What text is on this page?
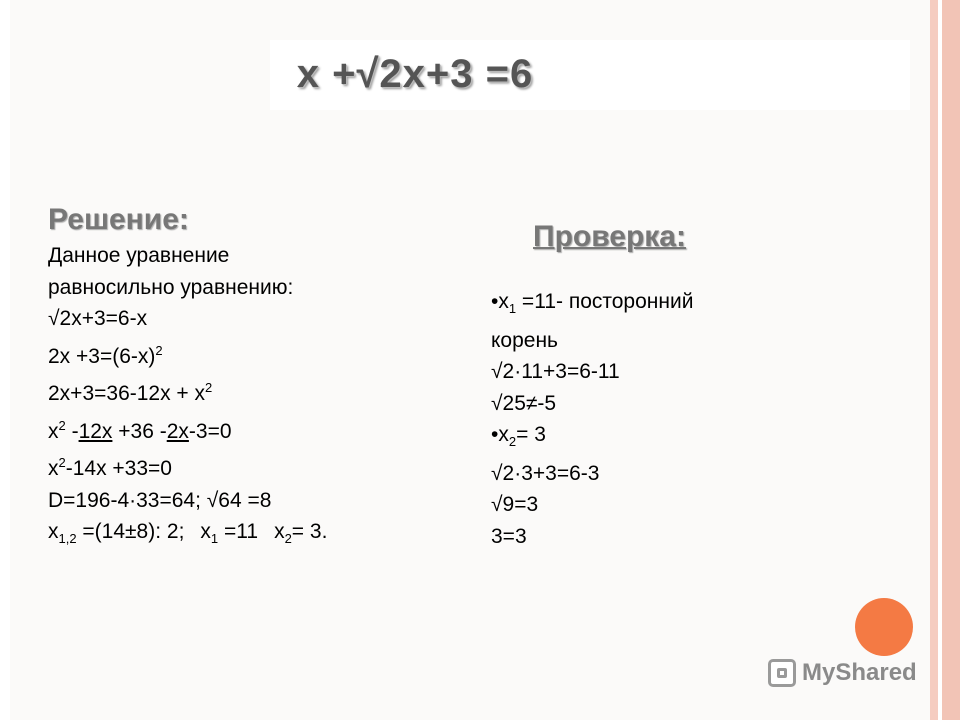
x +√2x+3 =6
Решение:
Проверка:
Данное уравнение
равносильно уравнению:
√2x+3=6-x
$2x +3=(6-x)^2$
$2x+3=36-12x + x^2$
$x^2$ -12x +36 -2x-3=0
$x^2-14x +33=0$
D=196-4·33=64; √64 =8
$x_{1,2} =(14\pm 8)$: 2; $x_1 =11$ $x_2= 3$.
$•x_1 =11-$ посторонний
корень
√2·11+3=6-11
√25≠-5
$•x_2= 3$
√2·3+3=6-3
√9=3
3=3
MyShared
